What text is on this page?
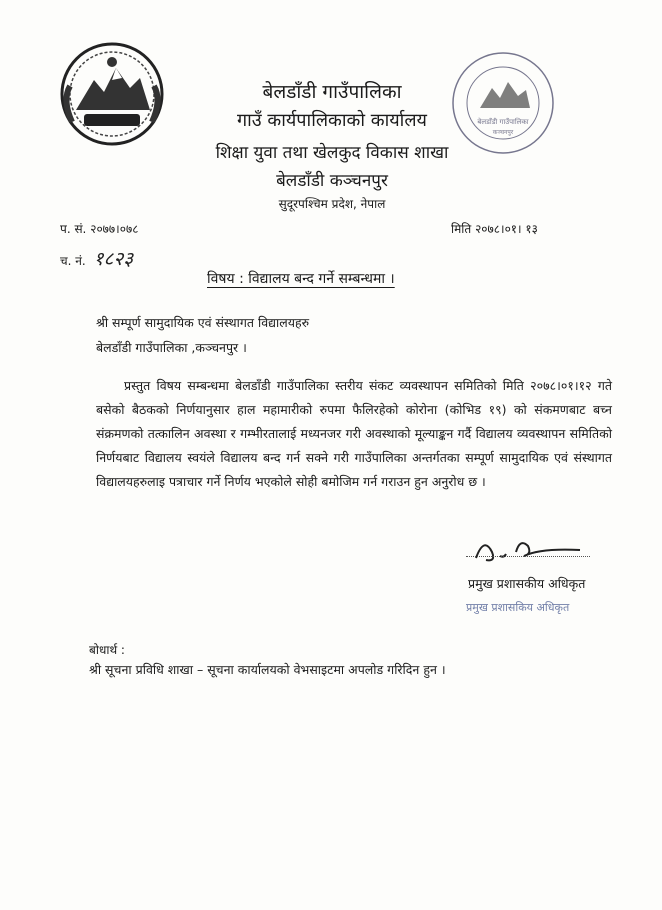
बेलडाँडी गाउँपालिका
कञ्चनपुर
बेलडाँडी गाउँपालिका
गाउँ कार्यपालिकाको कार्यालय
शिक्षा युवा तथा खेलकुद विकास शाखा
बेलडाँडी कञ्चनपुर
सुदूरपश्चिम प्रदेश, नेपाल
प. सं. २०७७।०७८
च. नं. १८२३
मिति २०७८।०१। १३
विषय : विद्यालय बन्द गर्ने सम्बन्धमा ।
श्री सम्पूर्ण सामुदायिक एवं संस्थागत विद्यालयहरु
बेलडाँडी गाउँपालिका ,कञ्चनपुर ।
प्रस्तुत विषय सम्बन्धमा बेलडाँडी गाउँपालिका स्तरीय संकट व्यवस्थापन समितिको मिति २०७८।०१।१२ गते बसेको बैठकको निर्णयानुसार हाल महामारीको रुपमा फैलिरहेको कोरोना (कोभिड १९) को संकमणबाट बच्न संक्रमणको तत्कालिन अवस्था र गम्भीरतालाई मध्यनजर गरी अवस्थाको मूल्याङ्कन गर्दै विद्यालय व्यवस्थापन समितिको निर्णयबाट विद्यालय स्वयंले विद्यालय बन्द गर्न सक्ने गरी गाउँपालिका अन्तर्गतका सम्पूर्ण सामुदायिक एवं संस्थागत विद्यालयहरुलाइ पत्राचार गर्ने निर्णय भएकोले सोही बमोजिम गर्न गराउन हुन अनुरोध छ ।
प्रमुख प्रशासकीय अधिकृत
प्रमुख प्रशासकिय अधिकृत
बोधार्थ :
श्री सूचना प्रविधि शाखा – सूचना कार्यालयको वेभसाइटमा अपलोड गरिदिन हुन ।
